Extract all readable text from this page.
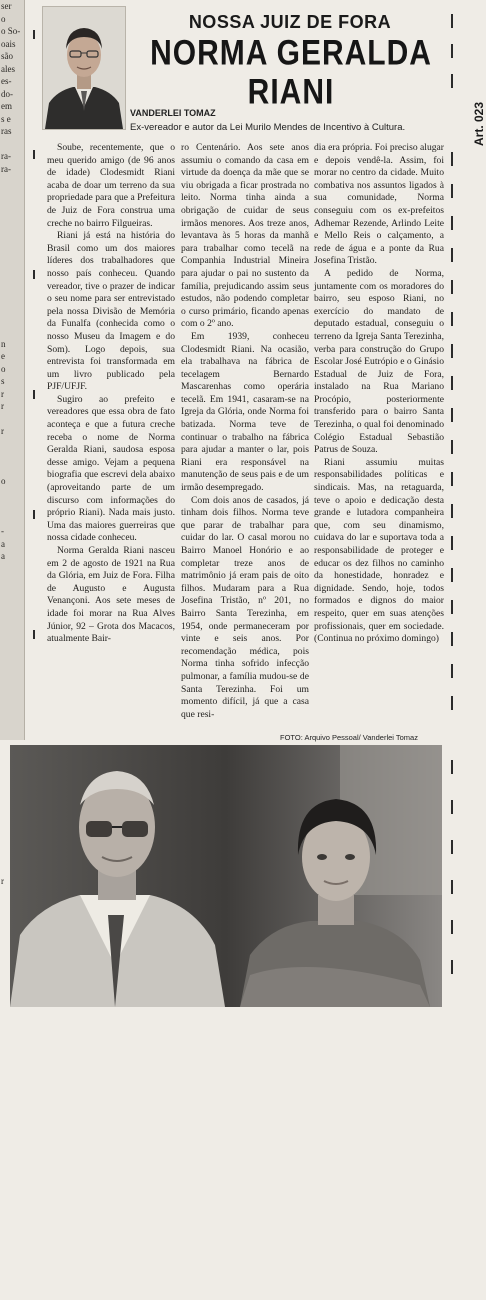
ser
o
o So-
oais
são
ales
es-
do-
em
s e
ras

ra-
ra-

n
e
o
s
r
r

r

o

-
a
a

r

NOSSA JUIZ DE FORA
NORMA GERALDA
RIANI
VANDERLEI TOMAZ
Ex-vereador e autor da Lei Murilo Mendes de Incentivo à Cultura.	Art. 023

Soube, recentemente, que o meu querido amigo (de 96 anos de idade) Clodesmidt Riani acaba de doar um terreno da sua propriedade para que a Prefeitura de Juiz de Fora construa uma creche no bairro Filgueiras.

Riani já está na história do Brasil como um dos maiores líderes dos trabalhadores que nosso país conheceu. Quando vereador, tive o prazer de indicar o seu nome para ser entrevistado pela nossa Divisão de Memória da Funalfa (conhecida como o nosso Museu da Imagem e do Som). Logo depois, sua entrevista foi transformada em um livro publicado pela PJF/UFJF.

Sugiro ao prefeito e vereadores que essa obra de fato aconteça e que a futura creche receba o nome de Norma Geralda Riani, saudosa esposa desse amigo. Vejam a pequena biografia que escrevi dela abaixo (aproveitando parte de um discurso com informações do próprio Riani). Nada mais justo. Uma das maiores guerreiras que nossa cidade conheceu.

Norma Geralda Riani nasceu em 2 de agosto de 1921 na Rua da Glória, em Juiz de Fora. Filha de Augusto e Augusta Venançoni. Aos sete meses de idade foi morar na Rua Alves Júnior, 92 – Grota dos Macacos, atualmente Bair-

ro Centenário. Aos sete anos assumiu o comando da casa em virtude da doença da mãe que se viu obrigada a ficar prostrada no leito. Norma tinha ainda a obrigação de cuidar de seus irmãos menores. Aos treze anos, levantava às 5 horas da manhã para trabalhar como tecelã na Companhia Industrial Mineira para ajudar o pai no sustento da família, prejudicando assim seus estudos, não podendo completar o curso primário, ficando apenas com o 2º ano.

Em 1939, conheceu Clodesmidt Riani. Na ocasião, ela trabalhava na fábrica de tecelagem Bernardo Mascarenhas como operária tecelã. Em 1941, casaram-se na Igreja da Glória, onde Norma foi batizada. Norma teve de continuar o trabalho na fábrica para ajudar a manter o lar, pois Riani era responsável na manutenção de seus pais e de um irmão desempregado.

Com dois anos de casados, já tinham dois filhos. Norma teve que parar de trabalhar para cuidar do lar. O casal morou no Bairro Manoel Honório e ao completar treze anos de matrimônio já eram pais de oito filhos. Mudaram para a Rua Josefina Tristão, nº 201, no Bairro Santa Terezinha, em 1954, onde permaneceram por vinte e seis anos. Por recomendação médica, pois Norma tinha sofrido infecção pulmonar, a família mudou-se de Santa Terezinha. Foi um momento difícil, já que a casa que resi-

dia era própria. Foi preciso alugar e depois vendê-la. Assim, foi morar no centro da cidade. Muito combativa nos assuntos ligados à sua comunidade, Norma conseguiu com os ex-prefeitos Adhemar Rezende, Arlindo Leite e Mello Reis o calçamento, a rede de água e a ponte da Rua Josefina Tristão.

A pedido de Norma, juntamente com os moradores do bairro, seu esposo Riani, no exercício do mandato de deputado estadual, conseguiu o terreno da Igreja Santa Terezinha, verba para construção do Grupo Escolar José Eutrópio e o Ginásio Estadual de Juiz de Fora, instalado na Rua Mariano Procópio, posteriormente transferido para o bairro Santa Terezinha, o qual foi denominado Colégio Estadual Sebastião Patrus de Souza.

Riani assumiu muitas responsabilidades políticas e sindicais. Mas, na retaguarda, teve o apoio e dedicação desta grande e lutadora companheira que, com seu dinamismo, cuidava do lar e suportava toda a responsabilidade de proteger e educar os dez filhos no caminho da honestidade, honradez e dignidade. Sendo, hoje, todos formados e dignos do maior respeito, quer em suas atenções profissionais, quer em sociedade. (Continua no próximo domingo)

FOTO: Arquivo Pessoal/ Vanderlei Tomaz
